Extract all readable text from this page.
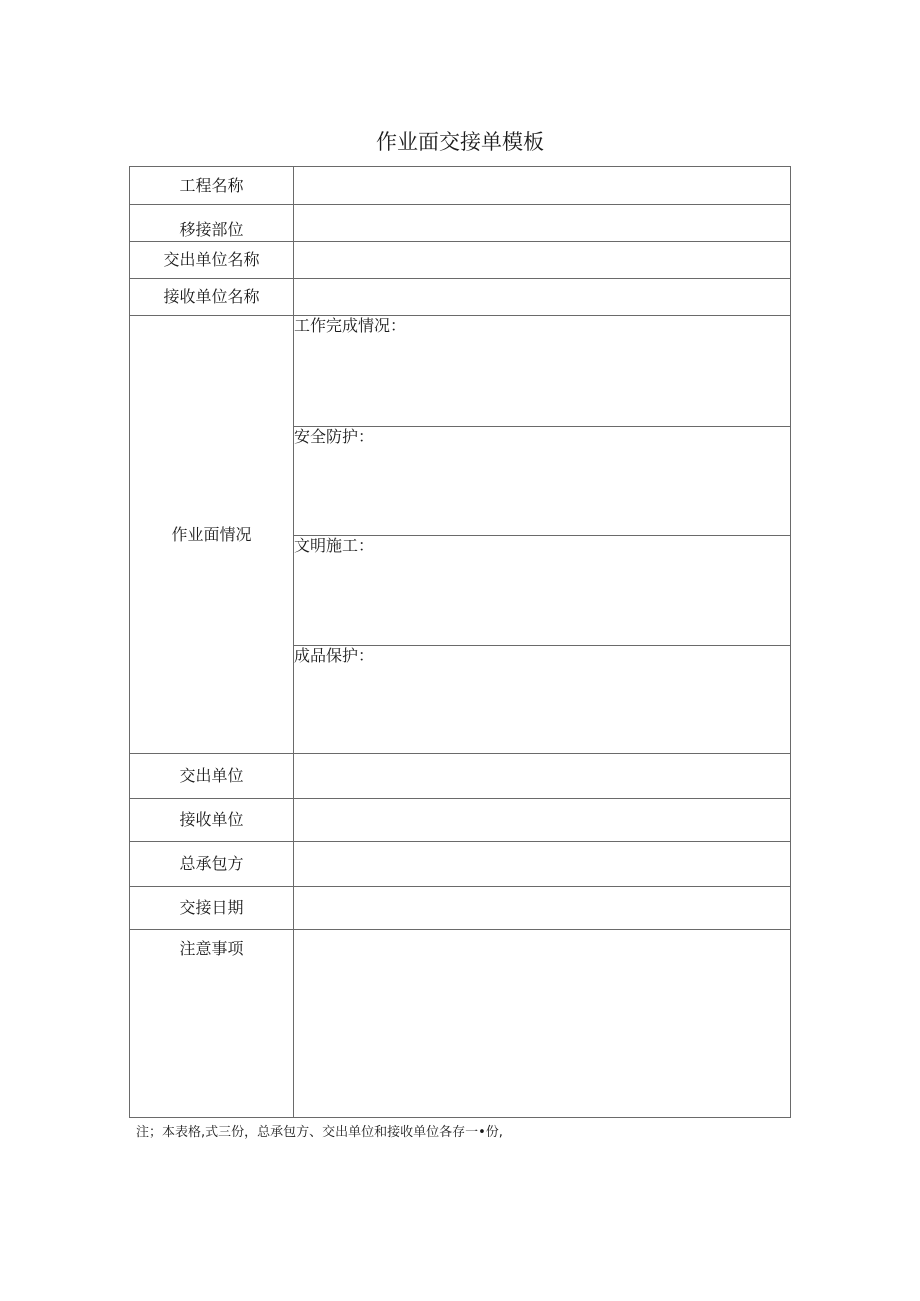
作业面交接单模板
工程名称	
移接部位	
交出单位名称	
接收单位名称	
作业面情况	工作完成情况：
	安全防护：
	文明施工：
	成品保护：
交出单位	
接收单位	
总承包方	
交接日期	
注意事项	
注；本表格,式三份，总承包方、交出单位和接收单位各存一•份,
